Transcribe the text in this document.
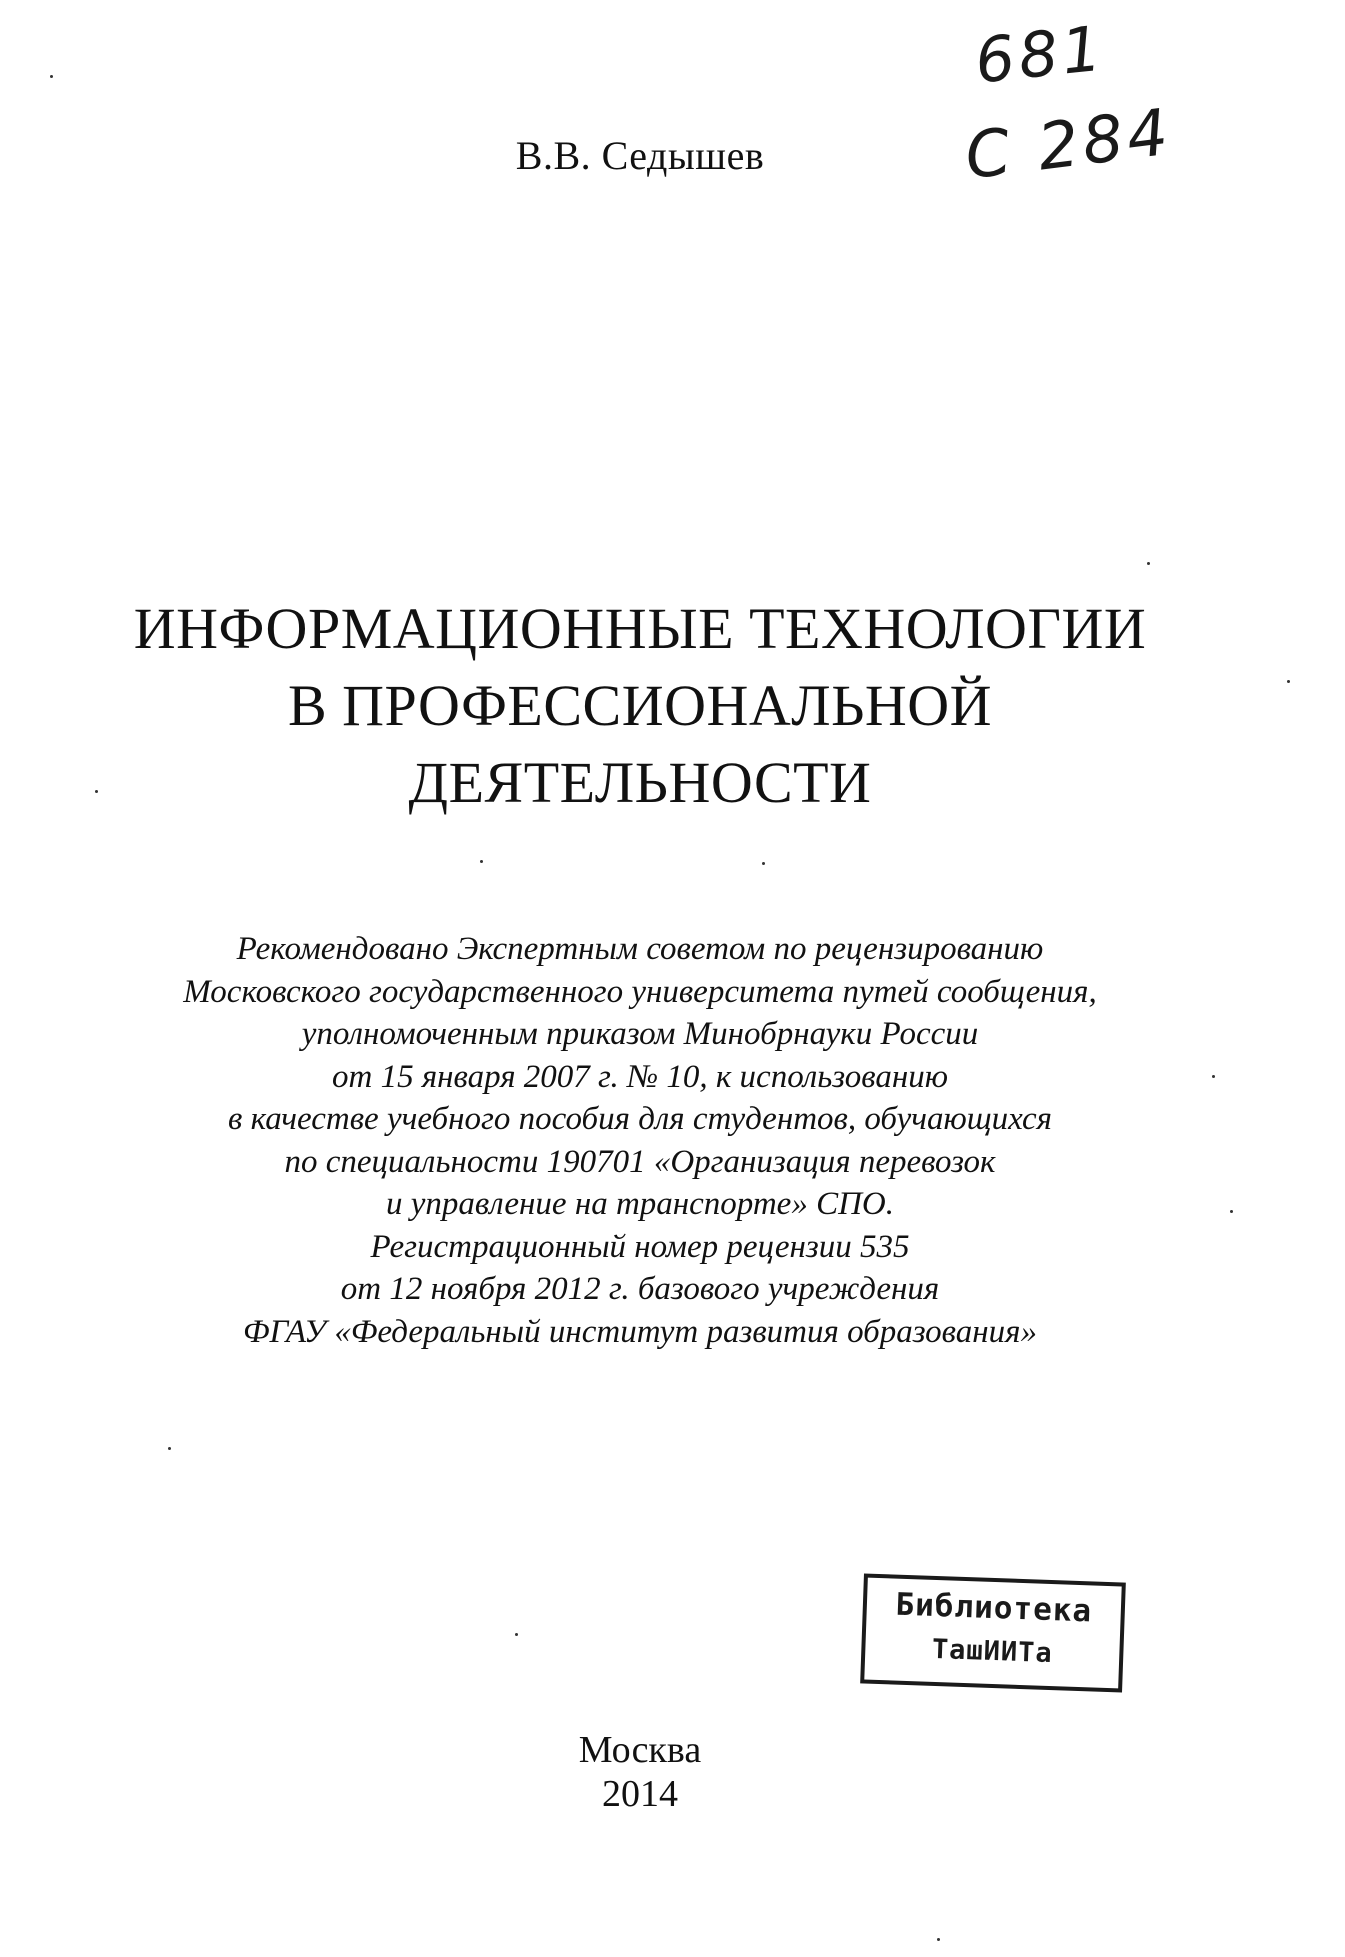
В.В. Седышев
681
С 284
ИНФОРМАЦИОННЫЕ ТЕХНОЛОГИИ
В ПРОФЕССИОНАЛЬНОЙ
ДЕЯТЕЛЬНОСТИ
Рекомендовано Экспертным советом по рецензированию
Московского государственного университета путей сообщения,
уполномоченным приказом Минобрнауки России
от 15 января 2007 г. № 10, к использованию
в качестве учебного пособия для студентов, обучающихся
по специальности 190701 «Организация перевозок
и управление на транспорте» СПО.
Регистрационный номер рецензии 535
от 12 ноября 2012 г. базового учреждения
ФГАУ «Федеральный институт развития образования»
Библиотека
ТашИИТа
Москва
2014
